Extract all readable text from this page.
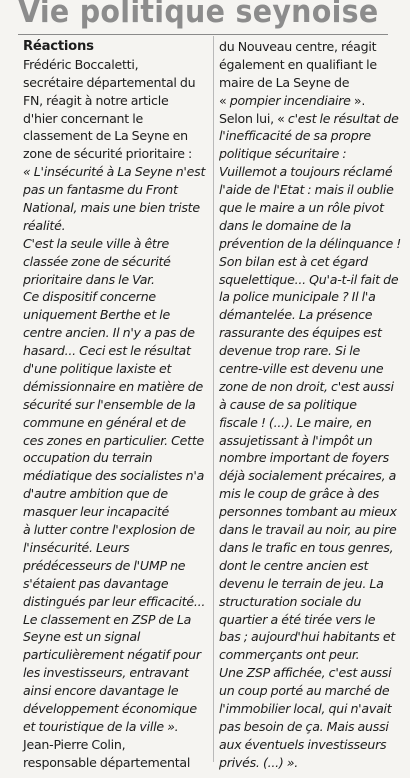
Vie politique seynoise
Réactions
Frédéric Boccaletti,
secrétaire départemental du
FN, réagit à notre article
d'hier concernant le
classement de La Seyne en
zone de sécurité prioritaire :
« L'insécurité à La Seyne n'est
pas un fantasme du Front
National, mais une bien triste
réalité.
C'est la seule ville à être
classée zone de sécurité
prioritaire dans le Var.
Ce dispositif concerne
uniquement Berthe et le
centre ancien. Il n'y a pas de
hasard... Ceci est le résultat
d'une politique laxiste et
démissionnaire en matière de
sécurité sur l'ensemble de la
commune en général et de
ces zones en particulier. Cette
occupation du terrain
médiatique des socialistes n'a
d'autre ambition que de
masquer leur incapacité
à lutter contre l'explosion de
l'insécurité. Leurs
prédécesseurs de l'UMP ne
s'étaient pas davantage
distingués par leur efficacité...
Le classement en ZSP de La
Seyne est un signal
particulièrement négatif pour
les investisseurs, entravant
ainsi encore davantage le
développement économique
et touristique de la ville ».
Jean-Pierre Colin,
responsable départemental
du Nouveau centre, réagit
également en qualifiant le
maire de La Seyne de
« pompier incendiaire ».
Selon lui, « c'est le résultat de
l'inefficacité de sa propre
politique sécuritaire :
Vuillemot a toujours réclamé
l'aide de l'Etat : mais il oublie
que le maire a un rôle pivot
dans le domaine de la
prévention de la délinquance !
Son bilan est à cet égard
squelettique... Qu'a-t-il fait de
la police municipale ? Il l'a
démantelée. La présence
rassurante des équipes est
devenue trop rare. Si le
centre-ville est devenu une
zone de non droit, c'est aussi
à cause de sa politique
fiscale ! (...). Le maire, en
assujetissant à l'impôt un
nombre important de foyers
déjà socialement précaires, a
mis le coup de grâce à des
personnes tombant au mieux
dans le travail au noir, au pire
dans le trafic en tous genres,
dont le centre ancien est
devenu le terrain de jeu. La
structuration sociale du
quartier a été tirée vers le
bas ; aujourd'hui habitants et
commerçants ont peur.
Une ZSP affichée, c'est aussi
un coup porté au marché de
l'immobilier local, qui n'avait
pas besoin de ça. Mais aussi
aux éventuels investisseurs
privés. (...) ».
